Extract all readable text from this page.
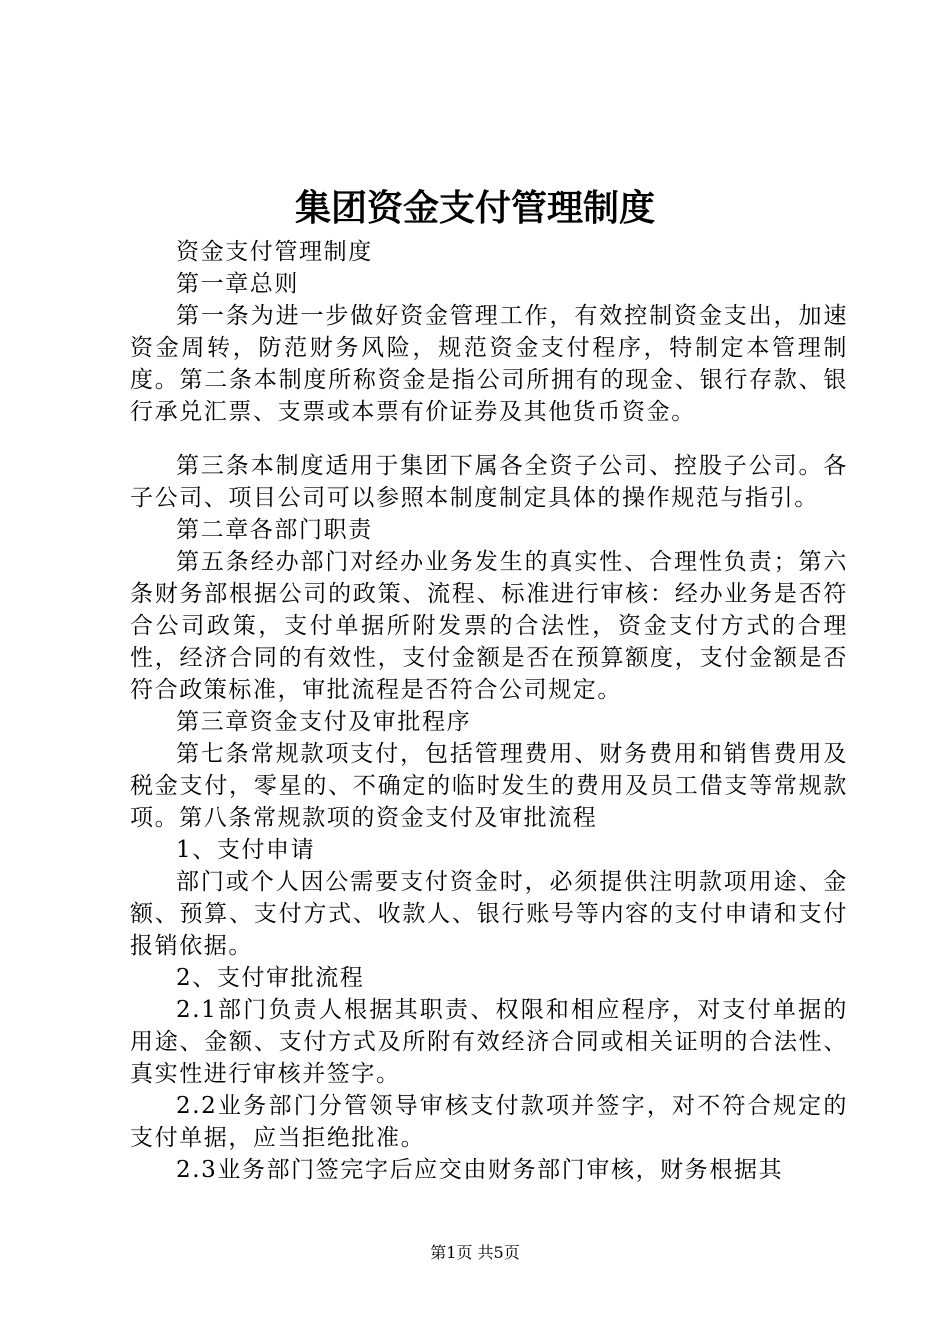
集团资金支付管理制度

资金支付管理制度

第一章总则

第一条为进一步做好资金管理工作，有效控制资金支出，加速资金周转，防范财务风险，规范资金支付程序，特制定本管理制度。第二条本制度所称资金是指公司所拥有的现金、银行存款、银行承兑汇票、支票或本票有价证券及其他货币资金。

第三条本制度适用于集团下属各全资子公司、控股子公司。各子公司、项目公司可以参照本制度制定具体的操作规范与指引。

第二章各部门职责

第五条经办部门对经办业务发生的真实性、合理性负责；第六条财务部根据公司的政策、流程、标准进行审核：经办业务是否符合公司政策，支付单据所附发票的合法性，资金支付方式的合理性，经济合同的有效性，支付金额是否在预算额度，支付金额是否符合政策标准，审批流程是否符合公司规定。

第三章资金支付及审批程序

第七条常规款项支付，包括管理费用、财务费用和销售费用及税金支付，零星的、不确定的临时发生的费用及员工借支等常规款项。第八条常规款项的资金支付及审批流程

1、支付申请

部门或个人因公需要支付资金时，必须提供注明款项用途、金额、预算、支付方式、收款人、银行账号等内容的支付申请和支付报销依据。

2、支付审批流程

2.1部门负责人根据其职责、权限和相应程序，对支付单据的用途、金额、支付方式及所附有效经济合同或相关证明的合法性、真实性进行审核并签字。

2.2业务部门分管领导审核支付款项并签字，对不符合规定的支付单据，应当拒绝批准。

2.3业务部门签完字后应交由财务部门审核，财务根据其

第1页 共5页
